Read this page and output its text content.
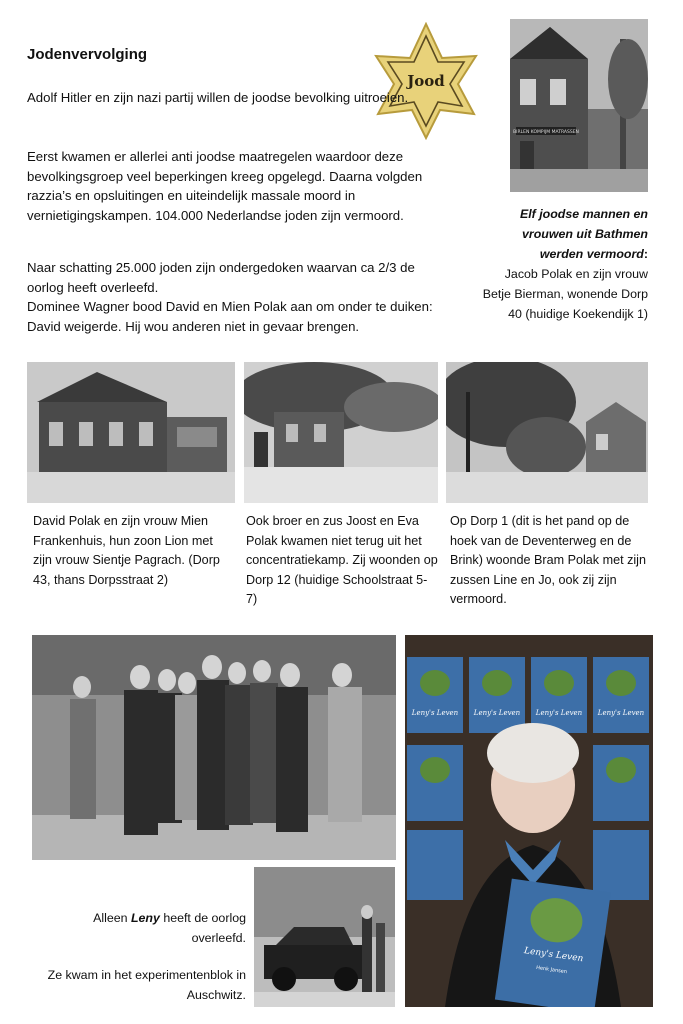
Jodenvervolging
Jood
Adolf Hitler en zijn nazi partij willen de joodse bevolking uitroeien.
Eerst kwamen er allerlei anti joodse maatregelen waardoor deze bevolkingsgroep veel beperkingen kreeg opgelegd. Daarna volgden razzia’s en opsluitingen en uiteindelijk massale moord in vernietigingskampen. 104.000 Nederlandse joden zijn vermoord.
Naar schatting 25.000 joden zijn ondergedoken waarvan ca 2/3 de oorlog heeft overleefd.
Dominee Wagner bood David en Mien Polak aan om onder te duiken: David weigerde. Hij wou anderen niet in gevaar brengen.
BIRLEN KOMPIJM MATRASSEN
Elf joodse mannen en vrouwen uit Bathmen werden vermoord:
Jacob Polak en zijn vrouw Betje Bierman, wonende Dorp 40 (huidige Koekendijk 1)
David Polak en zijn vrouw Mien Frankenhuis, hun zoon Lion met zijn vrouw Sientje Pagrach. (Dorp 43, thans Dorpsstraat 2)
Ook broer en zus Joost en Eva Polak kwamen niet terug uit het concentratiekamp. Zij woonden op Dorp 12 (huidige Schoolstraat 5-7)
Op Dorp 1 (dit is het pand op de hoek van de Deventerweg en de Brink) woonde Bram Polak met zijn zussen Line en Jo, ook zij zijn vermoord.
Leny's Leven Leny's Leven Leny's Leven Leny's Leven
Leny's Leven
Henk Jansen
Alleen Leny heeft de oorlog overleefd.
Ze kwam in het experimentenblok in Auschwitz.
